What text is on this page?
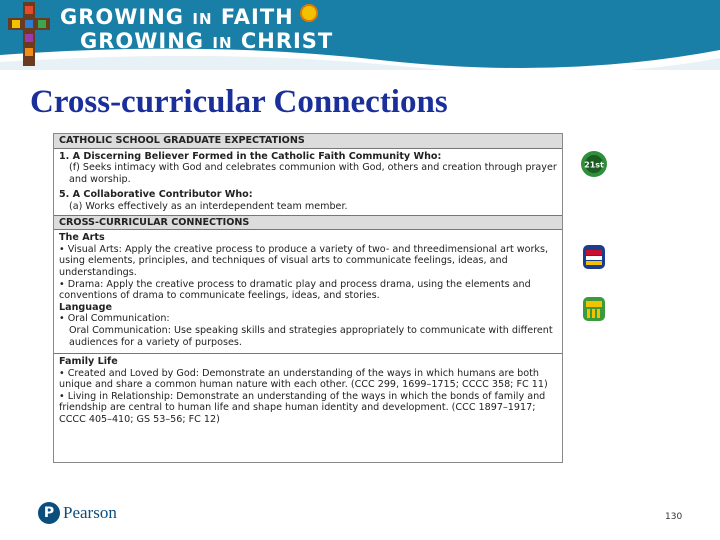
GROWING IN FAITH
GROWING IN CHRIST
Cross-curricular Connections
CATHOLIC SCHOOL GRADUATE EXPECTATIONS
1. A Discerning Believer Formed in the Catholic Faith Community Who:
(f) Seeks intimacy with God and celebrates communion with God, others and creation through prayer and worship.
5. A Collaborative Contributor Who:
(a) Works effectively as an interdependent team member.
CROSS-CURRICULAR CONNECTIONS
The Arts
• Visual Arts: Apply the creative process to produce a variety of two- and threedimensional art works, using elements, principles, and techniques of visual arts to communicate feelings, ideas, and understandings.
• Drama: Apply the creative process to dramatic play and process drama, using the elements and conventions of drama to communicate feelings, ideas, and stories.
Language
• Oral Communication:
Oral Communication: Use speaking skills and strategies appropriately to communicate with different audiences for a variety of purposes.
Family Life
• Created and Loved by God: Demonstrate an understanding of the ways in which humans are both unique and share a common human nature with each other. (CCC 299, 1699–1715; CCCC 358; FC 11)
• Living in Relationship: Demonstrate an understanding of the ways in which the bonds of family and friendship are central to human life and shape human identity and development. (CCC 1897–1917; CCCC 405–410; GS 53–56; FC 12)
21st
P Pearson	130
